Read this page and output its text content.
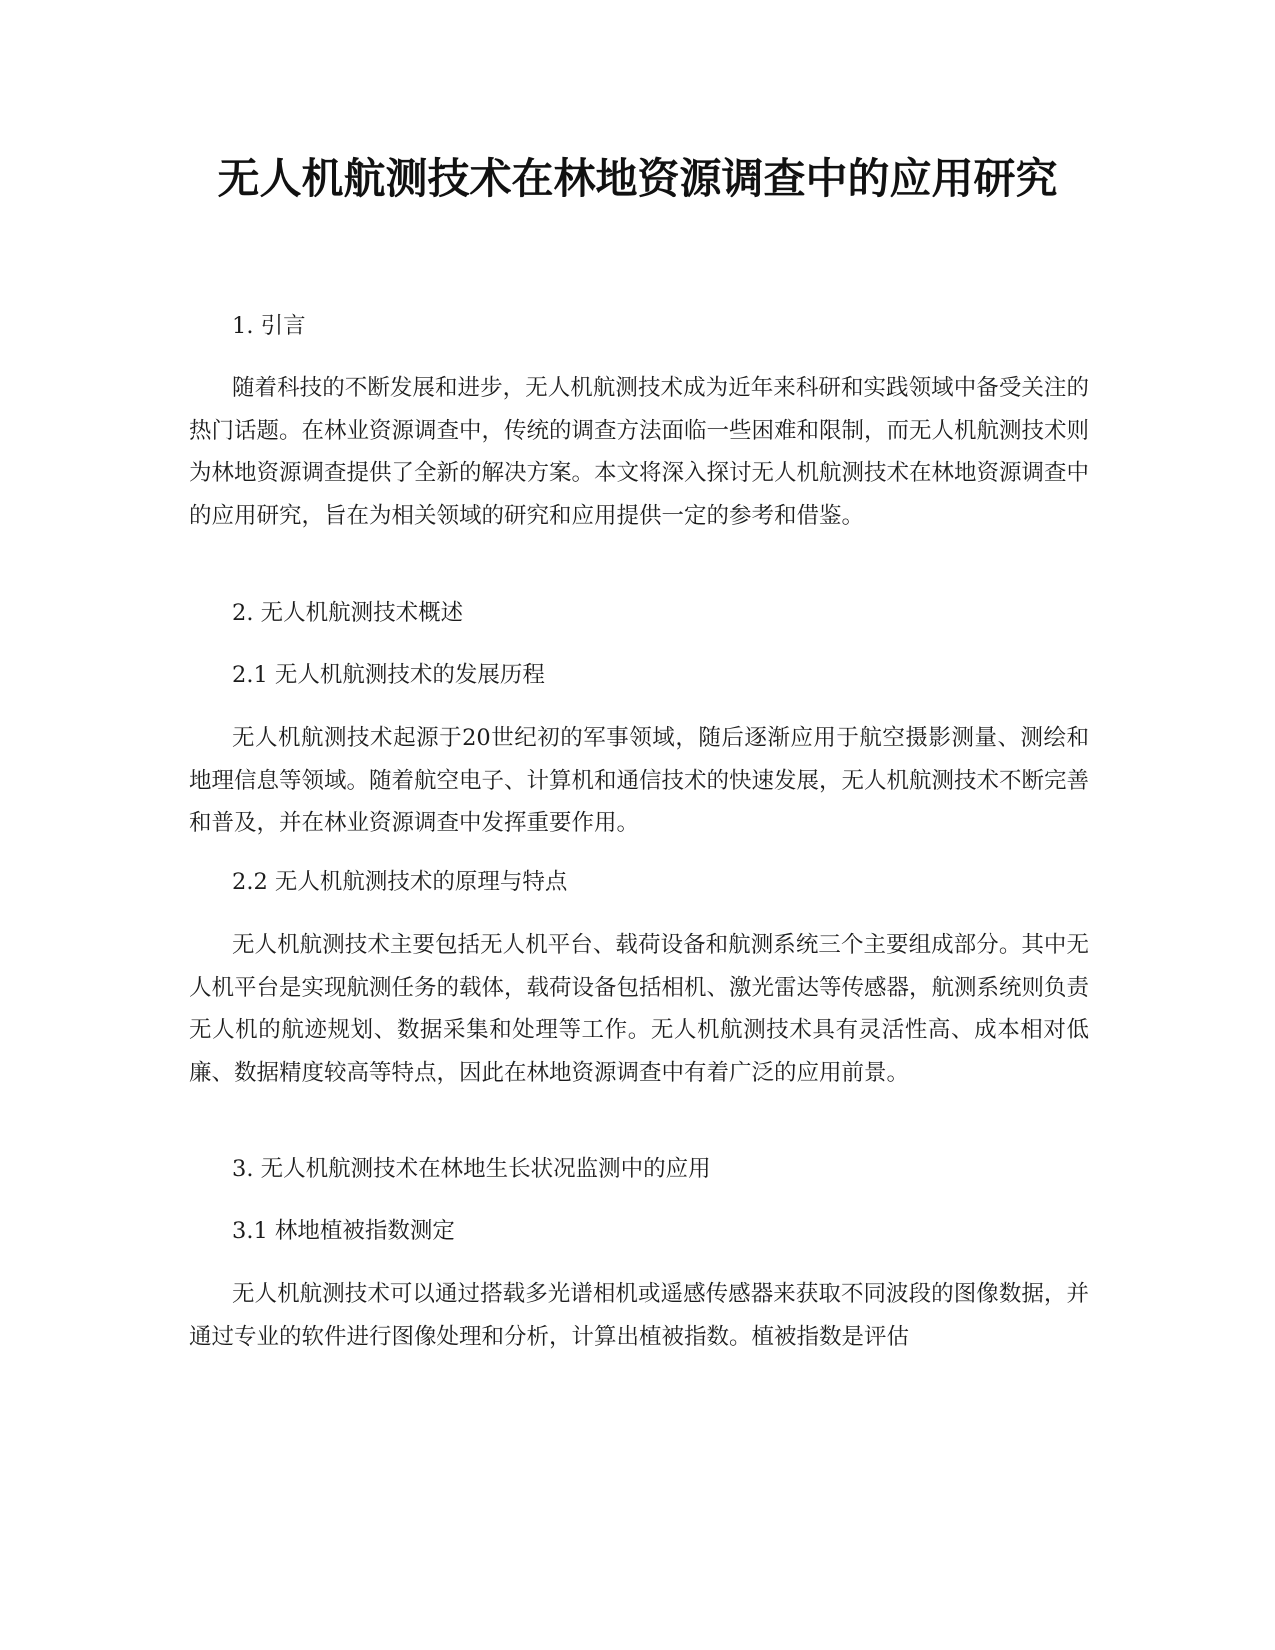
无人机航测技术在林地资源调查中的应用研究

1. 引言

随着科技的不断发展和进步，无人机航测技术成为近年来科研和实践领域中备受关注的热门话题。在林业资源调查中，传统的调查方法面临一些困难和限制，而无人机航测技术则为林地资源调查提供了全新的解决方案。本文将深入探讨无人机航测技术在林地资源调查中的应用研究，旨在为相关领域的研究和应用提供一定的参考和借鉴。

2. 无人机航测技术概述

2.1 无人机航测技术的发展历程

无人机航测技术起源于20世纪初的军事领域，随后逐渐应用于航空摄影测量、测绘和地理信息等领域。随着航空电子、计算机和通信技术的快速发展，无人机航测技术不断完善和普及，并在林业资源调查中发挥重要作用。

2.2 无人机航测技术的原理与特点

无人机航测技术主要包括无人机平台、载荷设备和航测系统三个主要组成部分。其中无人机平台是实现航测任务的载体，载荷设备包括相机、激光雷达等传感器，航测系统则负责无人机的航迹规划、数据采集和处理等工作。无人机航测技术具有灵活性高、成本相对低廉、数据精度较高等特点，因此在林地资源调查中有着广泛的应用前景。

3. 无人机航测技术在林地生长状况监测中的应用

3.1 林地植被指数测定

无人机航测技术可以通过搭载多光谱相机或遥感传感器来获取不同波段的图像数据，并通过专业的软件进行图像处理和分析，计算出植被指数。植被指数是评估
